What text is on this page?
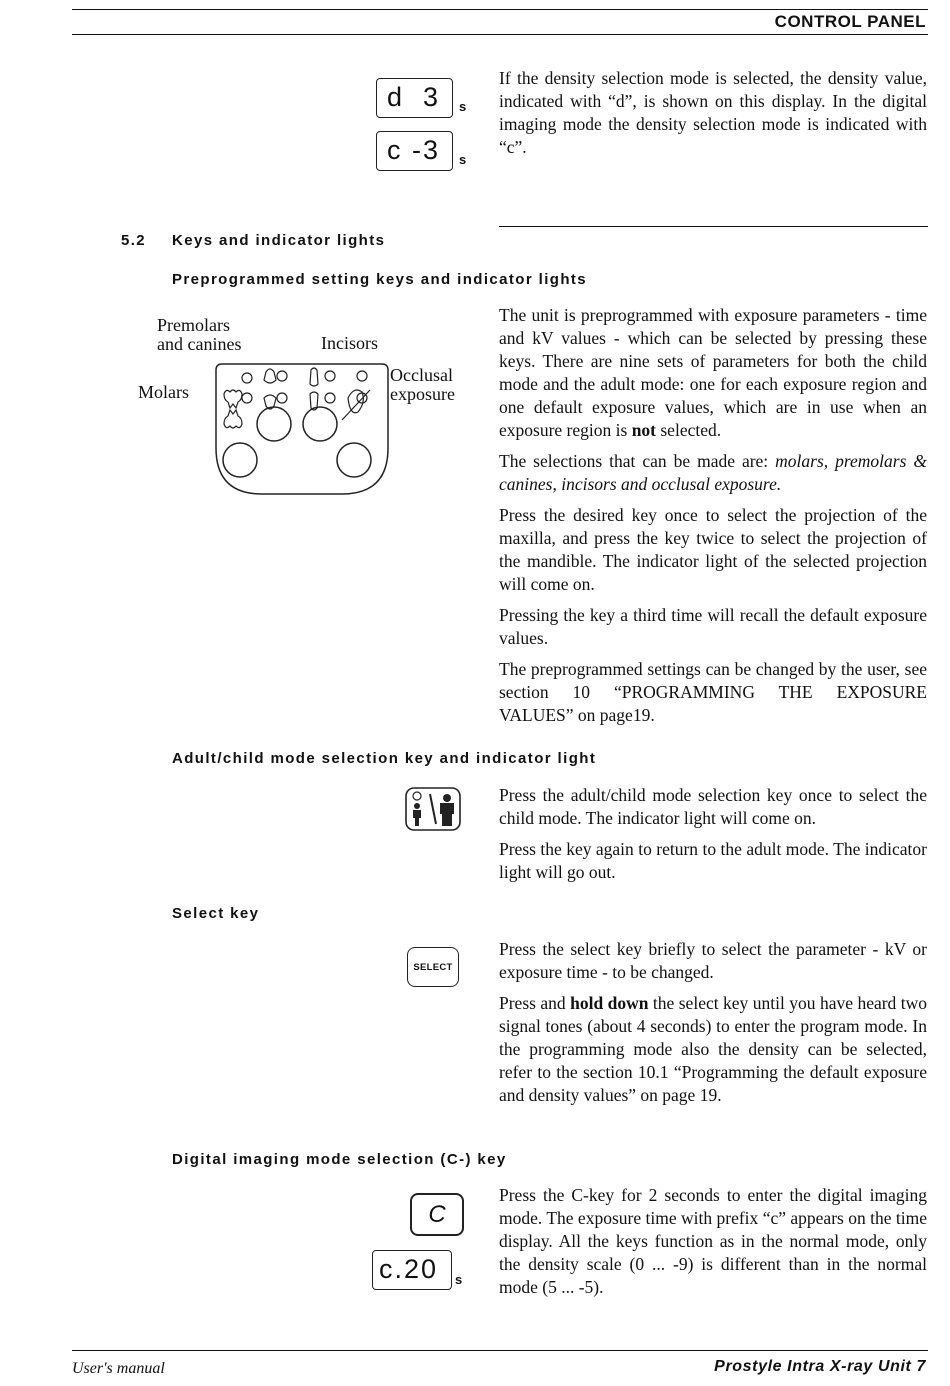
CONTROL PANEL
d  3	s
c -3	s

If the density selection mode is selected, the density value, indicated with “d”, is shown on this display. In the digital imaging mode the density selection mode is indicated with “c”.

5.2 Keys and indicator lights
Preprogrammed setting keys and indicator lights
Premolars
and canines	Incisors
Molars
Occlusal
exposure

The unit is preprogrammed with exposure parameters - time and kV values - which can be selected by pressing these keys. There are nine sets of parameters for both the child mode and the adult mode: one for each exposure region and one default exposure values, which are in use when an exposure region is not selected.

The selections that can be made are: molars, premolars & canines, incisors and occlusal exposure.

Press the desired key once to select the projection of the maxilla, and press the key twice to select the projection of the mandible. The indicator light of the selected projection will come on.

Pressing the key a third time will recall the default exposure values.

The preprogrammed settings can be changed by the user, see section 10 “PROGRAMMING THE EXPOSURE VALUES” on page19.

Adult/child mode selection key and indicator light

Press the adult/child mode selection key once to select the child mode. The indicator light will come on.

Press the key again to return to the adult mode. The indicator light will go out.

Select key
SELECT

Press the select key briefly to select the parameter - kV or exposure time - to be changed.

Press and hold down the select key until you have heard two signal tones (about 4 seconds) to enter the program mode. In the programming mode also the density can be selected, refer to the section 10.1 “Programming the default exposure and density values” on page 19.

Digital imaging mode selection (C-) key
C
c.20	s

Press the C-key for 2 seconds to enter the digital imaging mode. The exposure time with prefix “c” appears on the time display. All the keys function as in the normal mode, only the density scale (0 ... -9) is different than in the normal mode (5 ... -5).

User's manual	Prostyle Intra X-ray Unit 7
